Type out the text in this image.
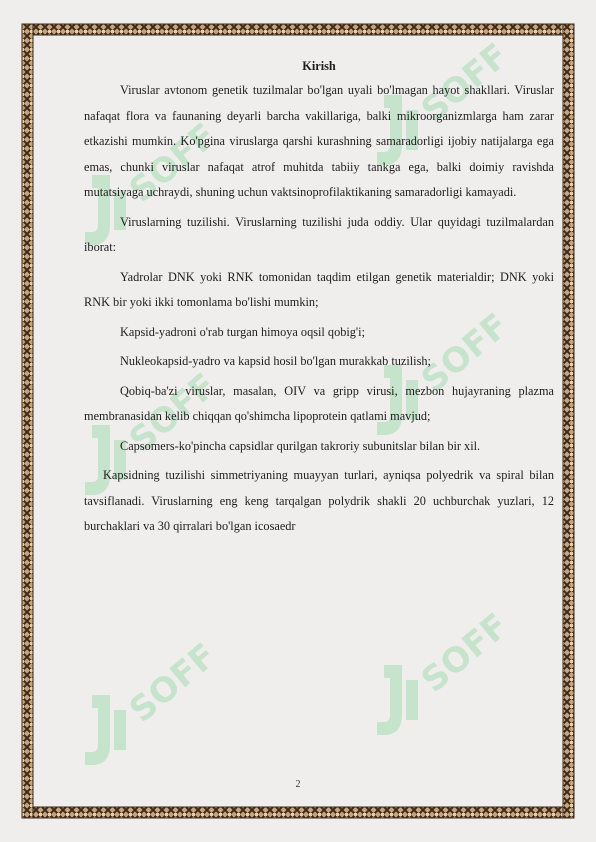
SOFF
SOFF
SOFF
SOFF
SOFF	SOFF
Kirish

Viruslar avtonom genetik tuzilmalar bo'lgan uyali bo'lmagan hayot shakllari. Viruslar nafaqat flora va faunaning deyarli barcha vakillariga, balki mikroorganizmlarga ham zarar etkazishi mumkin. Ko'pgina viruslarga qarshi kurashning samaradorligi ijobiy natijalarga ega emas, chunki viruslar nafaqat atrof muhitda tabiiy tankga ega, balki doimiy ravishda mutatsiyaga uchraydi, shuning uchun vaktsinoprofilaktikaning samaradorligi kamayadi.

Viruslarning tuzilishi. Viruslarning tuzilishi juda oddiy. Ular quyidagi tuzilmalardan iborat:

Yadrolar DNK yoki RNK tomonidan taqdim etilgan genetik materialdir; DNK yoki RNK bir yoki ikki tomonlama bo'lishi mumkin;

Kapsid-yadroni o'rab turgan himoya oqsil qobig'i;

Nukleokapsid-yadro va kapsid hosil bo'lgan murakkab tuzilish;

Qobiq-ba'zi viruslar, masalan, OIV va gripp virusi, mezbon hujayraning plazma membranasidan kelib chiqqan qo'shimcha lipoprotein qatlami mavjud;

Capsomers-ko'pincha capsidlar qurilgan takroriy subunitslar bilan bir xil.

Kapsidning tuzilishi simmetriyaning muayyan turlari, ayniqsa polyedrik va spiral bilan tavsiflanadi. Viruslarning eng keng tarqalgan polydrik shakli 20 uchburchak yuzlari, 12 burchaklari va 30 qirralari bo'lgan icosaedr

2
